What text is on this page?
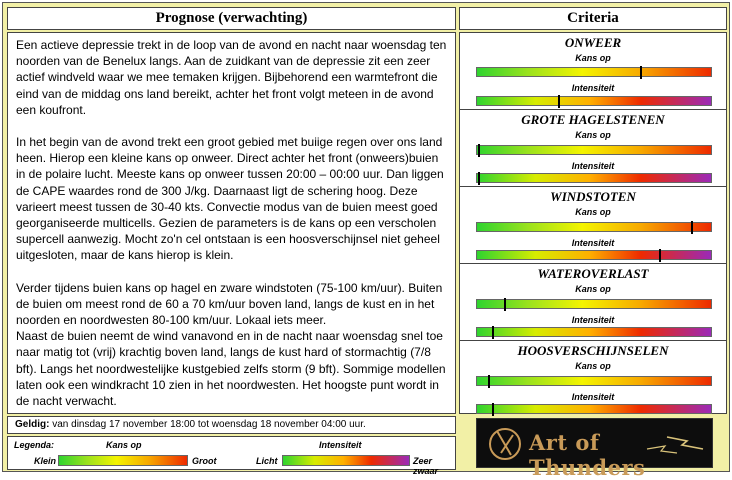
Prognose (verwachting)

Een actieve depressie trekt in de loop van de avond en nacht naar woensdag ten noorden van de Benelux langs. Aan de zuidkant van de depressie zit een zeer actief windveld waar we mee temaken krijgen. Bijbehorend een warmtefront die eind van de middag ons land bereikt, achter het front volgt meteen in de avond een koufront.

In het begin van de avond trekt een groot gebied met buiige regen over ons land heen. Hierop een kleine kans op onweer. Direct achter het front (onweers)buien in de polaire lucht. Meeste kans op onweer tussen 20:00 – 00:00 uur. Dan liggen de CAPE waardes rond de 300 J/kg. Daarnaast ligt de schering hoog. Deze varieert meest tussen de 30-40 kts. Convectie modus van de buien meest goed georganiseerde multicells. Gezien de parameters is de kans op een verscholen supercell aanwezig. Mocht zo'n cel ontstaan is een hoosverschijnsel niet geheel uitgesloten, maar de kans hierop is klein.

Verder tijdens buien kans op hagel en zware windstoten (75-100 km/uur). Buiten de buien om meest rond de 60 a 70 km/uur boven land, langs de kust en in het noorden en noordwesten 80-100 km/uur. Lokaal iets meer.
Naast de buien neemt de wind vanavond en in de nacht naar woensdag snel toe naar matig tot (vrij) krachtig boven land, langs de kust hard of stormachtig (7/8 bft). Langs het noordwestelijke kustgebied zelfs storm (9 bft). Sommige modellen laten ook een windkracht 10 zien in het noordwesten. Het hoogste punt wordt in de nacht verwacht.

Geldig: van dinsdag 17 november 18:00 tot woensdag 18 november 04:00 uur.
Legenda:	Kans op	Intensiteit
Klein	Groot	Licht	Zeer zwaar
Criteria
ONWEER
Kans op
Intensiteit
GROTE HAGELSTENEN
Kans op
Intensiteit
WINDSTOTEN
Kans op
Intensiteit
WATEROVERLAST
Kans op
Intensiteit
HOOSVERSCHIJNSELEN
Kans op
Intensiteit
Art of Thunders
